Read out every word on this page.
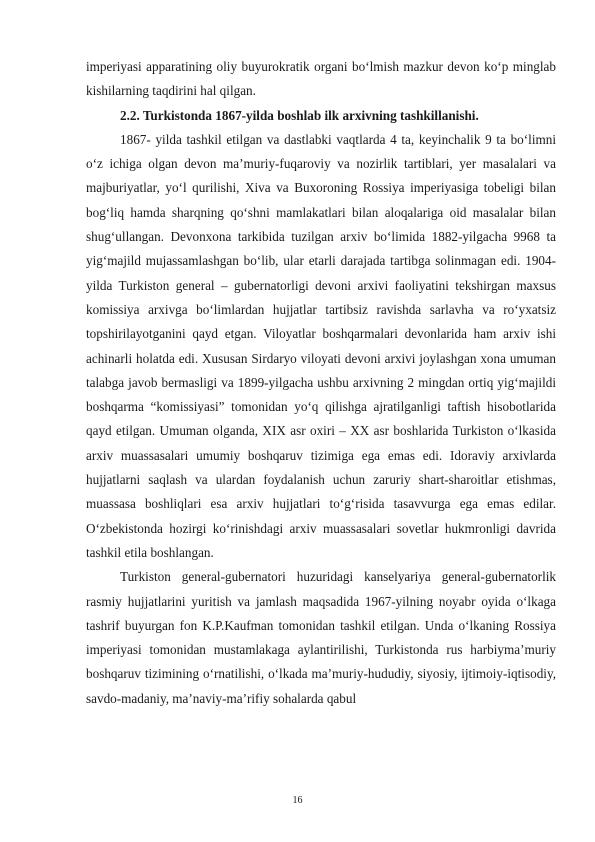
imperiyasi apparatining oliy buyurokratik organi bo‘lmish mazkur devon ko‘p minglab kishilarning taqdirini hal qilgan.

2.2. Turkistonda 1867-yilda boshlab ilk arxivning tashkillanishi.

1867- yilda tashkil etilgan va dastlabki vaqtlarda 4 ta, keyinchalik 9 ta bo‘limni o‘z ichiga olgan devon ma’muriy-fuqaroviy va nozirlik tartiblari, yer masalalari va majburiyatlar, yo‘l qurilishi, Xiva va Buxoroning Rossiya imperiyasiga tobeligi bilan bog‘liq hamda sharqning qo‘shni mamlakatlari bilan aloqalariga oid masalalar bilan shug‘ullangan. Devonxona tarkibida tuzilgan arxiv bo‘limida 1882-yilgacha 9968 ta yig‘majild mujassamlashgan bo‘lib, ular etarli darajada tartibga solinmagan edi. 1904-yilda Turkiston general – gubernatorligi devoni arxivi faoliyatini tekshirgan maxsus komissiya arxivga bo‘limlardan hujjatlar tartibsiz ravishda sarlavha va ro‘yxatsiz topshirilayotganini qayd etgan. Viloyatlar boshqarmalari devonlarida ham arxiv ishi achinarli holatda edi. Xususan Sirdaryo viloyati devoni arxivi joylashgan xona umuman talabga javob bermasligi va 1899-yilgacha ushbu arxivning 2 mingdan ortiq yig‘majildi boshqarma “komissiyasi” tomonidan yo‘q qilishga ajratilganligi taftish hisobotlarida qayd etilgan. Umuman olganda, XIX asr oxiri – XX asr boshlarida Turkiston o‘lkasida arxiv muassasalari umumiy boshqaruv tizimiga ega emas edi. Idoraviy arxivlarda hujjatlarni saqlash va ulardan foydalanish uchun zaruriy shart-sharoitlar etishmas, muassasa boshliqlari esa arxiv hujjatlari to‘g‘risida tasavvurga ega emas edilar. O‘zbekistonda hozirgi ko‘rinishdagi arxiv muassasalari sovetlar hukmronligi davrida tashkil etila boshlangan.

Turkiston general-gubernatori huzuridagi kanselyariya general-gubernatorlik rasmiy hujjatlarini yuritish va jamlash maqsadida 1967-yilning noyabr oyida o‘lkaga tashrif buyurgan fon K.P.Kaufman tomonidan tashkil etilgan. Unda o‘lkaning Rossiya imperiyasi tomonidan mustamlakaga aylantirilishi, Turkistonda rus harbiyma’muriy boshqaruv tizimining o‘rnatilishi, o‘lkada ma’muriy-hududiy, siyosiy, ijtimoiy-iqtisodiy, savdo-madaniy, ma’naviy-ma’rifiy sohalarda qabul

16
